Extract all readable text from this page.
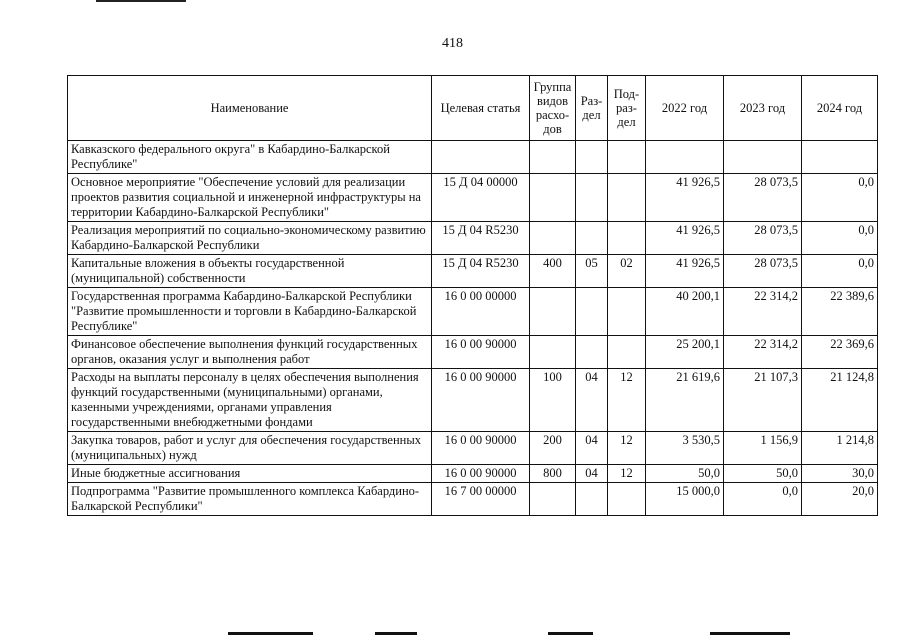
418
Наименование	Целевая статья	Группа видов расхо-дов	Раз-дел	Под-раз-дел	2022 год	2023 год	2024 год
Кавказского федерального округа" в Кабардино-Балкарской Республике"							
Основное мероприятие "Обеспечение условий для реализации проектов развития социальной и инженерной инфраструктуры на территории Кабардино-Балкарской Республики"	15 Д 04 00000				41 926,5	28 073,5	0,0
Реализация мероприятий по социально-экономическому развитию Кабардино-Балкарской Республики	15 Д 04 R5230				41 926,5	28 073,5	0,0
Капитальные вложения в объекты государственной (муниципальной) собственности	15 Д 04 R5230	400	05	02	41 926,5	28 073,5	0,0
Государственная программа Кабардино-Балкарской Республики "Развитие промышленности и торговли в Кабардино-Балкарской Республике"	16 0 00 00000				40 200,1	22 314,2	22 389,6
Финансовое обеспечение выполнения функций государственных органов, оказания услуг и выполнения работ	16 0 00 90000				25 200,1	22 314,2	22 369,6
Расходы на выплаты персоналу в целях обеспечения выполнения функций государственными (муниципальными) органами, казенными учреждениями, органами управления государственными внебюджетными фондами	16 0 00 90000	100	04	12	21 619,6	21 107,3	21 124,8
Закупка товаров, работ и услуг для обеспечения государственных (муниципальных) нужд	16 0 00 90000	200	04	12	3 530,5	1 156,9	1 214,8
Иные бюджетные ассигнования	16 0 00 90000	800	04	12	50,0	50,0	30,0
Подпрограмма "Развитие промышленного комплекса Кабардино-Балкарской Республики"	16 7 00 00000				15 000,0	0,0	20,0
